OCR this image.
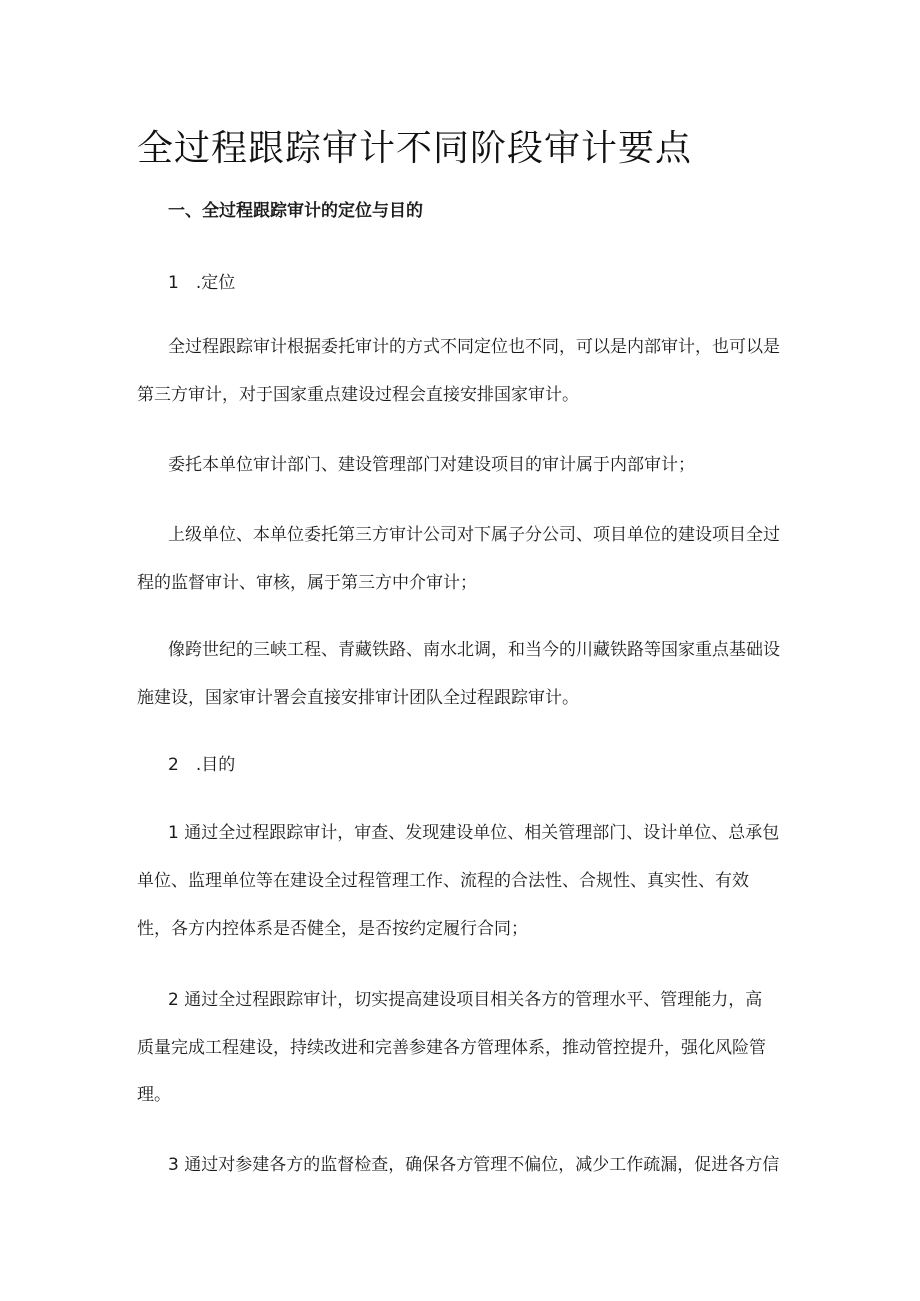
全过程跟踪审计不同阶段审计要点
一、全过程跟踪审计的定位与目的
1　.定位

全过程跟踪审计根据委托审计的方式不同定位也不同，可以是内部审计，也可以是第三方审计，对于国家重点建设过程会直接安排国家审计。

委托本单位审计部门、建设管理部门对建设项目的审计属于内部审计；

上级单位、本单位委托第三方审计公司对下属子分公司、项目单位的建设项目全过程的监督审计、审核，属于第三方中介审计；

像跨世纪的三峡工程、青藏铁路、南水北调，和当今的川藏铁路等国家重点基础设施建设，国家审计署会直接安排审计团队全过程跟踪审计。

2　.目的
1 通过全过程跟踪审计，审查、发现建设单位、相关管理部门、设计单位、总承包
单位、监理单位等在建设全过程管理工作、流程的合法性、合规性、真实性、有效
性，各方内控体系是否健全，是否按约定履行合同；
2 通过全过程跟踪审计，切实提高建设项目相关各方的管理水平、管理能力，高
质量完成工程建设，持续改进和完善参建各方管理体系，推动管控提升，强化风险管
理。
3 通过对参建各方的监督检查，确保各方管理不偏位，减少工作疏漏，促进各方信
